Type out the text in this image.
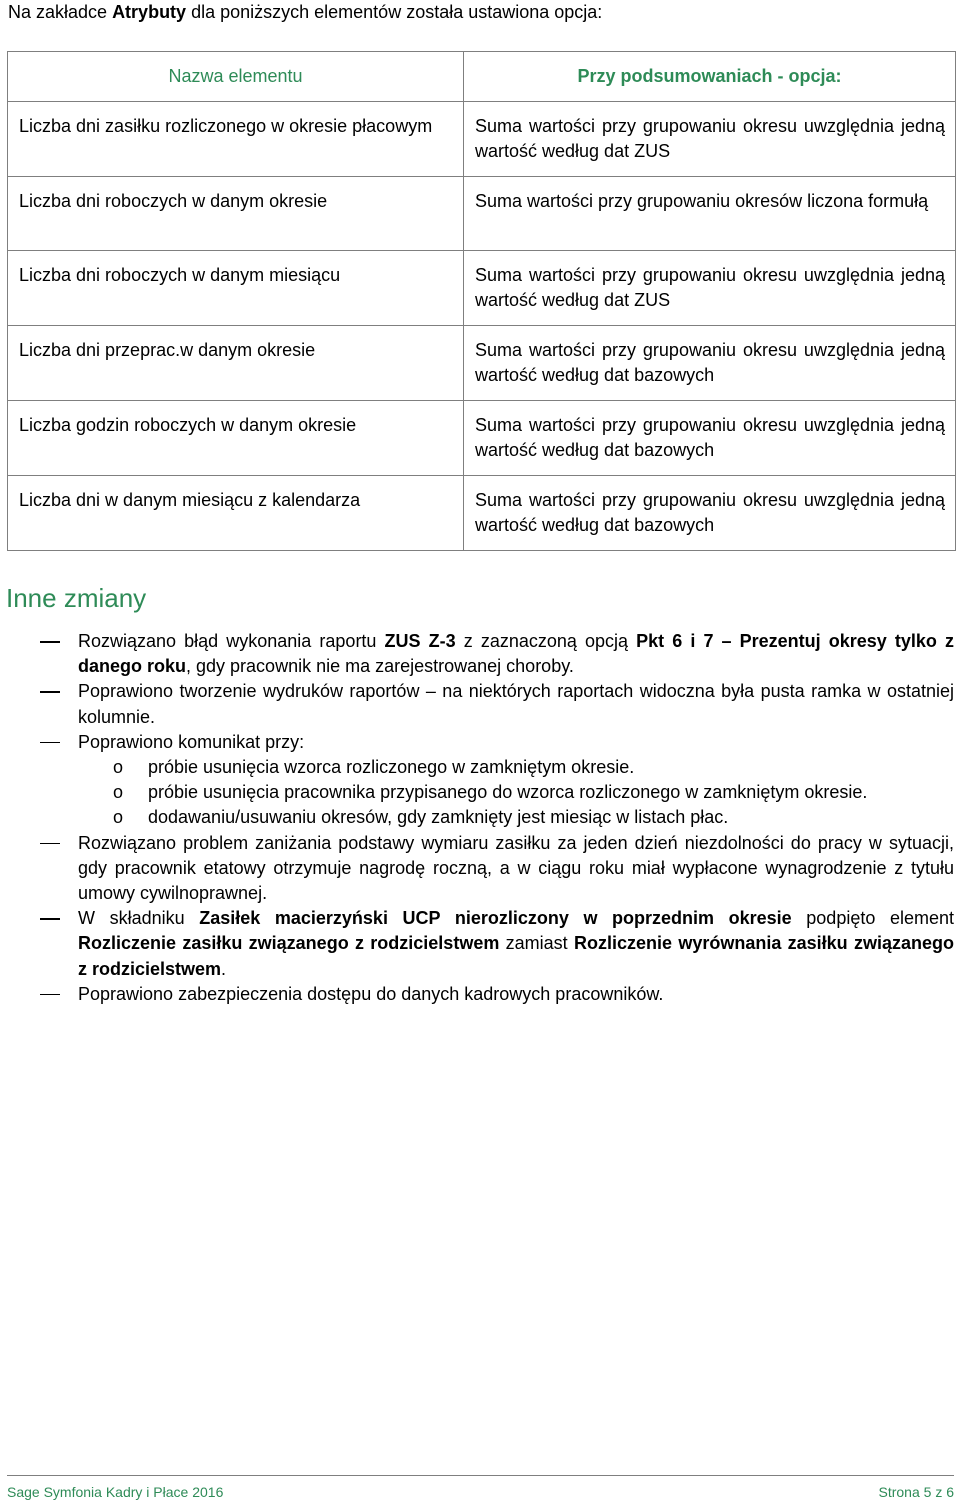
Na zakładce Atrybuty dla poniższych elementów została ustawiona opcja:

Nazwa elementu	Przy podsumowaniach - opcja:
Liczba dni zasiłku rozliczonego w okresie płacowym	Suma wartości przy grupowaniu okresu uwzględnia jedną wartość według dat ZUS
Liczba dni roboczych w danym okresie	Suma wartości przy grupowaniu okresów liczona formułą
Liczba dni roboczych w danym miesiącu	Suma wartości przy grupowaniu okresu uwzględnia jedną wartość według dat ZUS
Liczba dni przeprac.w danym okresie	Suma wartości przy grupowaniu okresu uwzględnia jedną wartość według dat bazowych
Liczba godzin roboczych w danym okresie	Suma wartości przy grupowaniu okresu uwzględnia jedną wartość według dat bazowych
Liczba dni w danym miesiącu z kalendarza	Suma wartości przy grupowaniu okresu uwzględnia jedną wartość według dat bazowych
Inne zmiany
Rozwiązano błąd wykonania raportu ZUS Z-3 z zaznaczoną opcją Pkt 6 i 7 – Prezentuj okresy tylko z danego roku, gdy pracownik nie ma zarejestrowanej choroby.
Poprawiono tworzenie wydruków raportów – na niektórych raportach widoczna była pusta ramka w ostatniej kolumnie.
Poprawiono komunikat przy:
o próbie usunięcia wzorca rozliczonego w zamkniętym okresie.
o próbie usunięcia pracownika przypisanego do wzorca rozliczonego w zamkniętym okresie.
o dodawaniu/usuwaniu okresów, gdy zamknięty jest miesiąc w listach płac.
Rozwiązano problem zaniżania podstawy wymiaru zasiłku za jeden dzień niezdolności do pracy w sytuacji, gdy pracownik etatowy otrzymuje nagrodę roczną, a w ciągu roku miał wypłacone wynagrodzenie z tytułu umowy cywilnoprawnej.
W składniku Zasiłek macierzyński UCP nierozliczony w poprzednim okresie podpięto element Rozliczenie zasiłku związanego z rodzicielstwem zamiast Rozliczenie wyrównania zasiłku związanego z rodzicielstwem.
Poprawiono zabezpieczenia dostępu do danych kadrowych pracowników.
Sage Symfonia Kadry i Płace 2016	Strona 5 z 6
